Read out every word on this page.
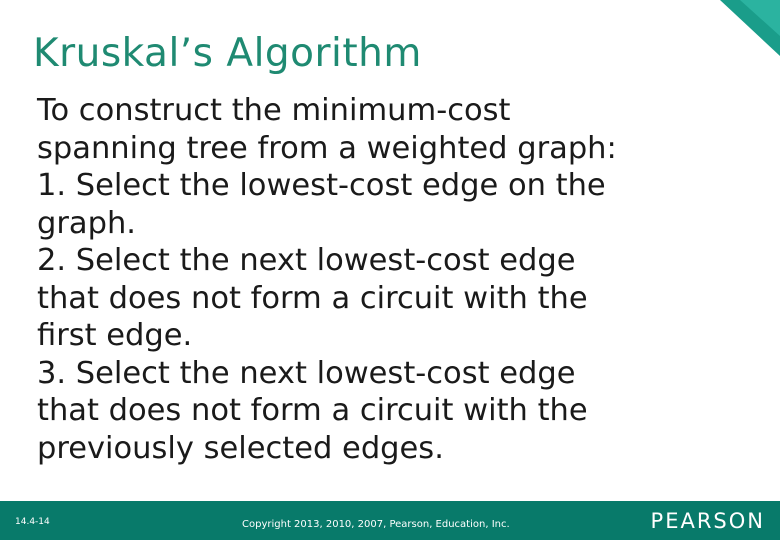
Kruskal’s Algorithm
To construct the minimum-cost
spanning tree from a weighted graph:
1. Select the lowest-cost edge on the
graph.
2. Select the next lowest-cost edge
that does not form a circuit with the
first edge.
3. Select the next lowest-cost edge
that does not form a circuit with the
previously selected edges.
14.4-14	Copyright 2013, 2010, 2007, Pearson, Education, Inc.	PEARSON
